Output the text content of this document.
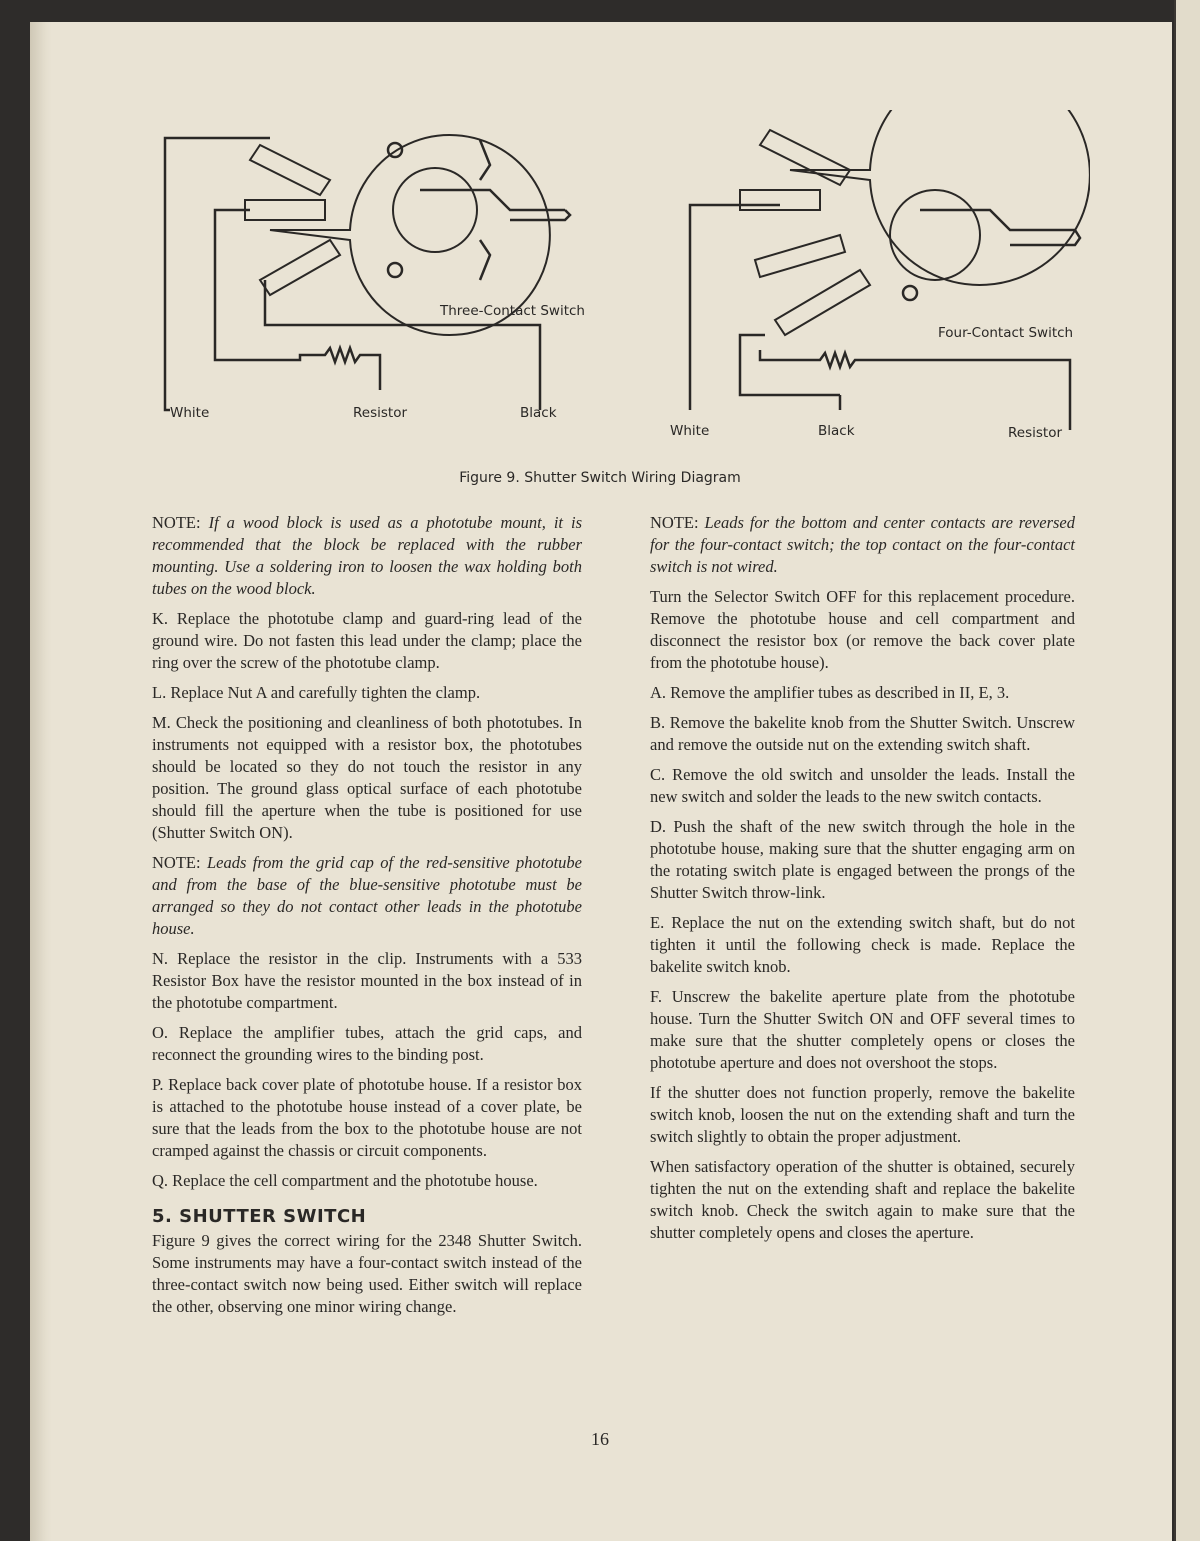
Three-Contact Switch
White	Resistor	Black
Four-Contact Switch
White	Black	Resistor
Figure 9. Shutter Switch Wiring Diagram

NOTE: If a wood block is used as a phototube mount, it is recommended that the block be replaced with the rubber mounting. Use a soldering iron to loosen the wax holding both tubes on the wood block.

K. Replace the phototube clamp and guard-ring lead of the ground wire. Do not fasten this lead under the clamp; place the ring over the screw of the phototube clamp.

L. Replace Nut A and carefully tighten the clamp.

M. Check the positioning and cleanliness of both phototubes. In instruments not equipped with a resistor box, the phototubes should be located so they do not touch the resistor in any position. The ground glass optical surface of each phototube should fill the aperture when the tube is positioned for use (Shutter Switch ON).

NOTE: Leads from the grid cap of the red-sensitive phototube and from the base of the blue-sensitive phototube must be arranged so they do not contact other leads in the phototube house.

N. Replace the resistor in the clip. Instruments with a 533 Resistor Box have the resistor mounted in the box instead of in the phototube compartment.

O. Replace the amplifier tubes, attach the grid caps, and reconnect the grounding wires to the binding post.

P. Replace back cover plate of phototube house. If a resistor box is attached to the phototube house instead of a cover plate, be sure that the leads from the box to the phototube house are not cramped against the chassis or circuit components.

Q. Replace the cell compartment and the phototube house.

5. SHUTTER SWITCH

Figure 9 gives the correct wiring for the 2348 Shutter Switch. Some instruments may have a four-contact switch instead of the three-contact switch now being used. Either switch will replace the other, observing one minor wiring change.

NOTE: Leads for the bottom and center contacts are reversed for the four-contact switch; the top contact on the four-contact switch is not wired.

Turn the Selector Switch OFF for this replacement procedure. Remove the phototube house and cell compartment and disconnect the resistor box (or remove the back cover plate from the phototube house).

A. Remove the amplifier tubes as described in II, E, 3.

B. Remove the bakelite knob from the Shutter Switch. Unscrew and remove the outside nut on the extending switch shaft.

C. Remove the old switch and unsolder the leads. Install the new switch and solder the leads to the new switch contacts.

D. Push the shaft of the new switch through the hole in the phototube house, making sure that the shutter engaging arm on the rotating switch plate is engaged between the prongs of the Shutter Switch throw-link.

E. Replace the nut on the extending switch shaft, but do not tighten it until the following check is made. Replace the bakelite switch knob.

F. Unscrew the bakelite aperture plate from the phototube house. Turn the Shutter Switch ON and OFF several times to make sure that the shutter completely opens or closes the phototube aperture and does not overshoot the stops.

If the shutter does not function properly, remove the bakelite switch knob, loosen the nut on the extending shaft and turn the switch slightly to obtain the proper adjustment.

When satisfactory operation of the shutter is obtained, securely tighten the nut on the extending shaft and replace the bakelite switch knob. Check the switch again to make sure that the shutter completely opens and closes the aperture.

16
